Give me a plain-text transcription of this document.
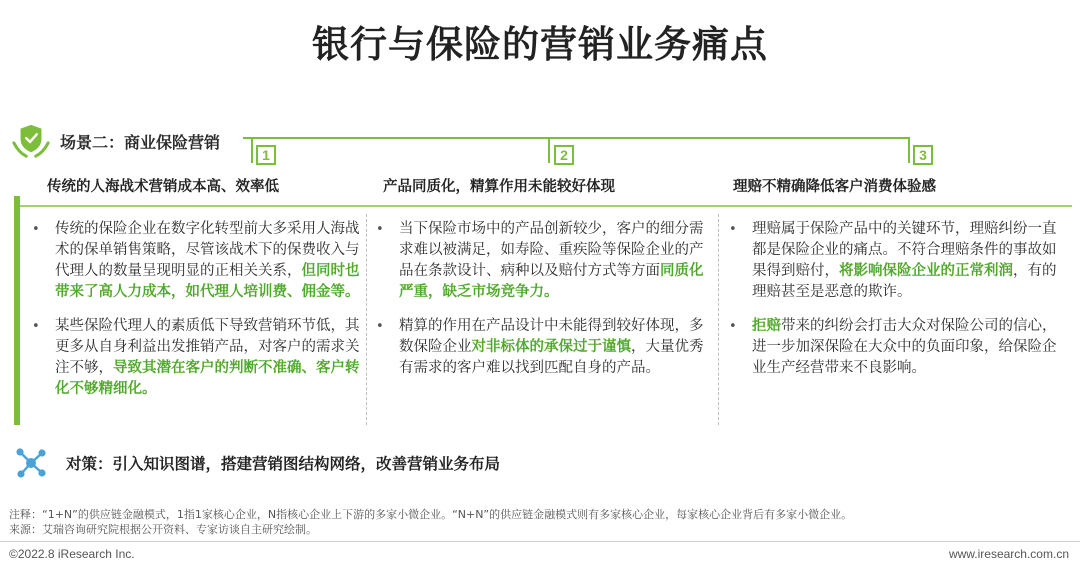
银行与保险的营销业务痛点
场景二：商业保险营销
1	2	3
传统的人海战术营销成本高、效率低	产品同质化，精算作用未能较好体现	理赔不精确降低客户消费体验感
• 传统的保险企业在数字化转型前大多采用人海战术的保单销售策略，尽管该战术下的保费收入与代理人的数量呈现明显的正相关关系，但同时也带来了高人力成本，如代理人培训费、佣金等。
• 某些保险代理人的素质低下导致营销环节低，其更多从自身利益出发推销产品，对客户的需求关注不够，导致其潜在客户的判断不准确、客户转化不够精细化。
• 当下保险市场中的产品创新较少，客户的细分需求难以被满足，如寿险、重疾险等保险企业的产品在条款设计、病种以及赔付方式等方面同质化严重，缺乏市场竞争力。
• 精算的作用在产品设计中未能得到较好体现，多数保险企业对非标体的承保过于谨慎，大量优秀有需求的客户难以找到匹配自身的产品。
• 理赔属于保险产品中的关键环节，理赔纠纷一直都是保险企业的痛点。不符合理赔条件的事故如果得到赔付，将影响保险企业的正常利润，有的理赔甚至是恶意的欺诈。
• 拒赔带来的纠纷会打击大众对保险公司的信心，进一步加深保险在大众中的负面印象，给保险企业生产经营带来不良影响。
对策：引入知识图谱，搭建营销图结构网络，改善营销业务布局
注释：“1+N”的供应链金融模式，1指1家核心企业，N指核心企业上下游的多家小微企业。“N+N”的供应链金融模式则有多家核心企业，每家核心企业背后有多家小微企业。
来源：艾瑞咨询研究院根据公开资料、专家访谈自主研究绘制。
©2022.8 iResearch Inc.	www.iresearch.com.cn
